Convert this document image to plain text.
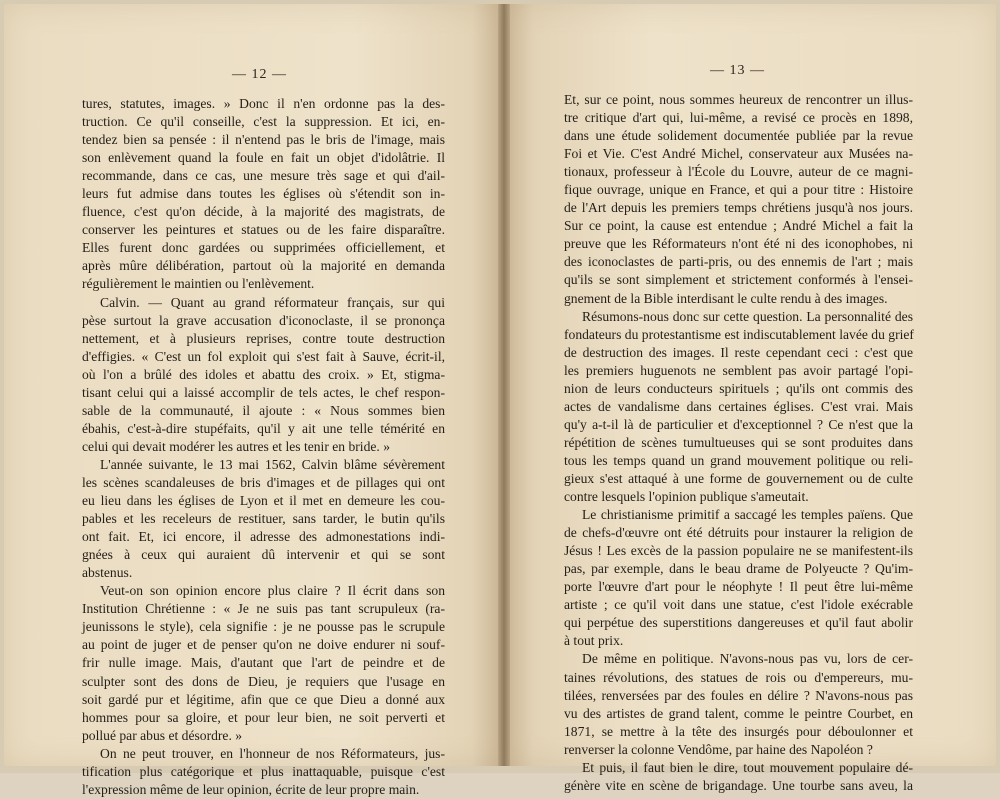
— 12 —
tures, statutes, images. » Donc il n'en ordonne pas la des-
truction. Ce qu'il conseille, c'est la suppression. Et ici, en-
tendez bien sa pensée : il n'entend pas le bris de l'image, mais
son enlèvement quand la foule en fait un objet d'idolâtrie. Il
recommande, dans ce cas, une mesure très sage et qui d'ail-
leurs fut admise dans toutes les églises où s'étendit son in-
fluence, c'est qu'on décide, à la majorité des magistrats, de
conserver les peintures et statues ou de les faire disparaître.
Elles furent donc gardées ou supprimées officiellement, et
après mûre délibération, partout où la majorité en demanda
régulièrement le maintien ou l'enlèvement.
Calvin. — Quant au grand réformateur français, sur qui
pèse surtout la grave accusation d'iconoclaste, il se prononça
nettement, et à plusieurs reprises, contre toute destruction
d'effigies. « C'est un fol exploit qui s'est fait à Sauve, écrit-il,
où l'on a brûlé des idoles et abattu des croix. » Et, stigma-
tisant celui qui a laissé accomplir de tels actes, le chef respon-
sable de la communauté, il ajoute : « Nous sommes bien
ébahis, c'est-à-dire stupéfaits, qu'il y ait une telle témérité en
celui qui devait modérer les autres et les tenir en bride. »
L'année suivante, le 13 mai 1562, Calvin blâme sévèrement
les scènes scandaleuses de bris d'images et de pillages qui ont
eu lieu dans les églises de Lyon et il met en demeure les cou-
pables et les receleurs de restituer, sans tarder, le butin qu'ils
ont fait. Et, ici encore, il adresse des admonestations indi-
gnées à ceux qui auraient dû intervenir et qui se sont
abstenus.
Veut-on son opinion encore plus claire ? Il écrit dans son
Institution Chrétienne : « Je ne suis pas tant scrupuleux (ra-
jeunissons le style), cela signifie : je ne pousse pas le scrupule
au point de juger et de penser qu'on ne doive endurer ni souf-
frir nulle image. Mais, d'autant que l'art de peindre et de
sculpter sont des dons de Dieu, je requiers que l'usage en
soit gardé pur et légitime, afin que ce que Dieu a donné aux
hommes pour sa gloire, et pour leur bien, ne soit perverti et
pollué par abus et désordre. »
On ne peut trouver, en l'honneur de nos Réformateurs, jus-
tification plus catégorique et plus inattaquable, puisque c'est
l'expression même de leur opinion, écrite de leur propre main.
— 13 —
Et, sur ce point, nous sommes heureux de rencontrer un illus-
tre critique d'art qui, lui-même, a revisé ce procès en 1898,
dans une étude solidement documentée publiée par la revue
Foi et Vie. C'est André Michel, conservateur aux Musées na-
tionaux, professeur à l'École du Louvre, auteur de ce magni-
fique ouvrage, unique en France, et qui a pour titre : Histoire
de l'Art depuis les premiers temps chrétiens jusqu'à nos jours.
Sur ce point, la cause est entendue ; André Michel a fait la
preuve que les Réformateurs n'ont été ni des iconophobes, ni
des iconoclastes de parti-pris, ou des ennemis de l'art ; mais
qu'ils se sont simplement et strictement conformés à l'ensei-
gnement de la Bible interdisant le culte rendu à des images.
Résumons-nous donc sur cette question. La personnalité des
fondateurs du protestantisme est indiscutablement lavée du grief
de destruction des images. Il reste cependant ceci : c'est que
les premiers huguenots ne semblent pas avoir partagé l'opi-
nion de leurs conducteurs spirituels ; qu'ils ont commis des
actes de vandalisme dans certaines églises. C'est vrai. Mais
qu'y a-t-il là de particulier et d'exceptionnel ? Ce n'est que la
répétition de scènes tumultueuses qui se sont produites dans
tous les temps quand un grand mouvement politique ou reli-
gieux s'est attaqué à une forme de gouvernement ou de culte
contre lesquels l'opinion publique s'ameutait.
Le christianisme primitif a saccagé les temples païens. Que
de chefs-d'œuvre ont été détruits pour instaurer la religion de
Jésus ! Les excès de la passion populaire ne se manifestent-ils
pas, par exemple, dans le beau drame de Polyeucte ? Qu'im-
porte l'œuvre d'art pour le néophyte ! Il peut être lui-même
artiste ; ce qu'il voit dans une statue, c'est l'idole exécrable
qui perpétue des superstitions dangereuses et qu'il faut abolir
à tout prix.
De même en politique. N'avons-nous pas vu, lors de cer-
taines révolutions, des statues de rois ou d'empereurs, mu-
tilées, renversées par des foules en délire ? N'avons-nous pas
vu des artistes de grand talent, comme le peintre Courbet, en
1871, se mettre à la tête des insurgés pour déboulonner et
renverser la colonne Vendôme, par haine des Napoléon ?
Et puis, il faut bien le dire, tout mouvement populaire dé-
génère vite en scène de brigandage. Une tourbe sans aveu, la
